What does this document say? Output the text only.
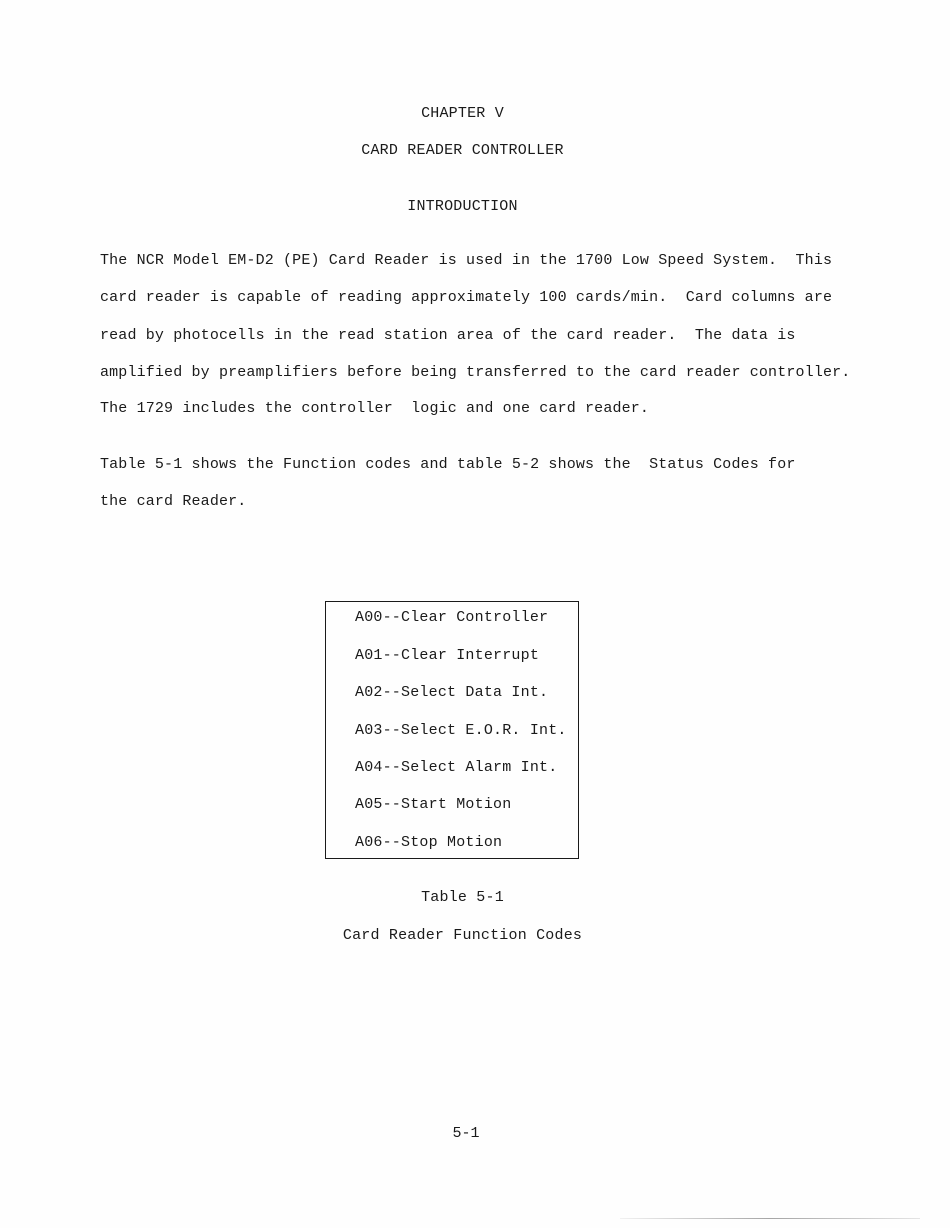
CHAPTER V
CARD READER CONTROLLER
INTRODUCTION
The NCR Model EM-D2 (PE) Card Reader is used in the 1700 Low Speed System.  This
card reader is capable of reading approximately 100 cards/min.  Card columns are
read by photocells in the read station area of the card reader.  The data is
amplified by preamplifiers before being transferred to the card reader controller.
The 1729 includes the controller  logic and one card reader.
Table 5-1 shows the Function codes and table 5-2 shows the  Status Codes for
the card Reader.
A00--Clear Controller
A01--Clear Interrupt
A02--Select Data Int.
A03--Select E.O.R. Int.
A04--Select Alarm Int.
A05--Start Motion
A06--Stop Motion
Table 5-1
Card Reader Function Codes
5-1
